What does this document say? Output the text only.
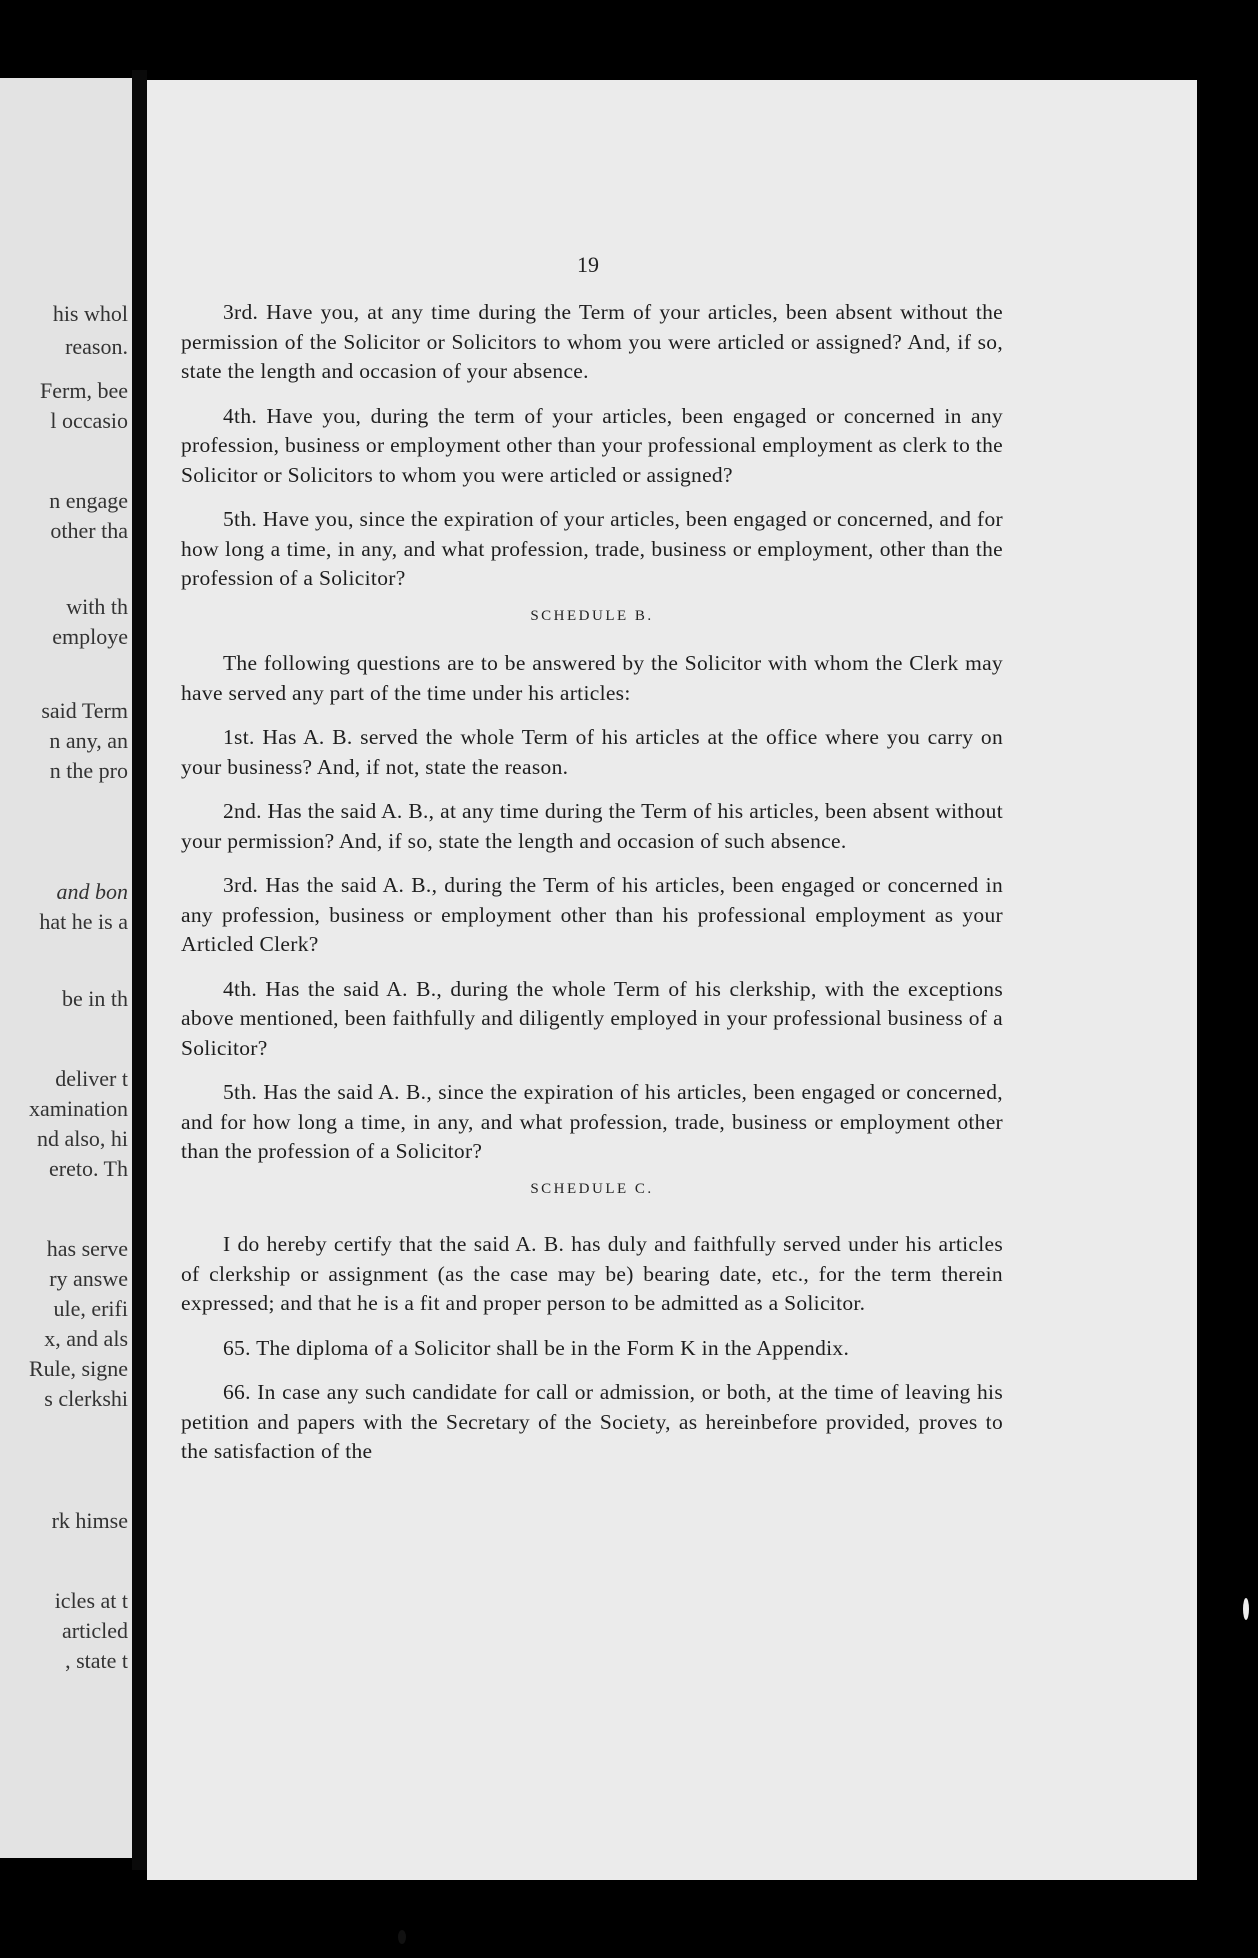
his whol
reason.
Ferm, bee
l occasio
n engage
other tha
with th
employe
said Term
n any, an
n the pro
and bon
hat he is a
be in th
deliver t
xamination
nd also, hi
ereto. Th
has serve
ry answe
ule, erifi
x, and als
Rule, signe
s clerkshi
rk himse
icles at t
articled
, state t
19

3rd. Have you, at any time during the Term of your articles, been absent without the permission of the Solicitor or Solicitors to whom you were articled or assigned? And, if so, state the length and occasion of your absence.

4th. Have you, during the term of your articles, been engaged or concerned in any profession, business or employment other than your professional employment as clerk to the Solicitor or Solicitors to whom you were articled or assigned?

5th. Have you, since the expiration of your articles, been engaged or concerned, and for how long a time, in any, and what profession, trade, business or employment, other than the profession of a Solicitor?

SCHEDULE B.

The following questions are to be answered by the Solicitor with whom the Clerk may have served any part of the time under his articles:

1st. Has A. B. served the whole Term of his articles at the office where you carry on your business? And, if not, state the reason.

2nd. Has the said A. B., at any time during the Term of his articles, been absent without your permission? And, if so, state the length and occasion of such absence.

3rd. Has the said A. B., during the Term of his articles, been engaged or concerned in any profession, business or employment other than his professional employment as your Articled Clerk?

4th. Has the said A. B., during the whole Term of his clerkship, with the exceptions above mentioned, been faithfully and diligently employed in your professional business of a Solicitor?

5th. Has the said A. B., since the expiration of his articles, been engaged or concerned, and for how long a time, in any, and what profession, trade, business or employment other than the profession of a Solicitor?

SCHEDULE C.

I do hereby certify that the said A. B. has duly and faithfully served under his articles of clerkship or assignment (as the case may be) bearing date, etc., for the term therein expressed; and that he is a fit and proper person to be admitted as a Solicitor.

65. The diploma of a Solicitor shall be in the Form K in the Appendix.

66. In case any such candidate for call or admission, or both, at the time of leaving his petition and papers with the Secretary of the Society, as hereinbefore provided, proves to the satisfaction of the
